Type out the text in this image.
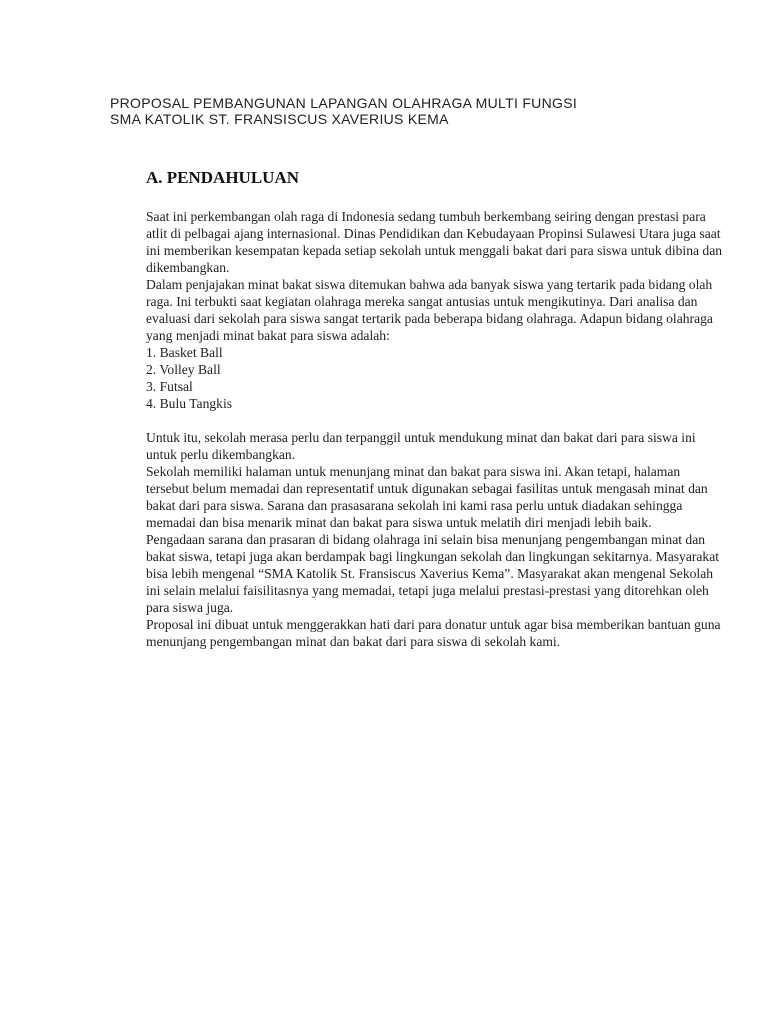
PROPOSAL PEMBANGUNAN LAPANGAN OLAHRAGA MULTI FUNGSI
SMA KATOLIK ST. FRANSISCUS XAVERIUS KEMA
A. PENDAHULUAN

Saat ini perkembangan olah raga di Indonesia sedang tumbuh berkembang seiring dengan prestasi para atlit di pelbagai ajang internasional. Dinas Pendidikan dan Kebudayaan Propinsi Sulawesi Utara juga saat ini memberikan kesempatan kepada setiap sekolah untuk menggali bakat dari para siswa untuk dibina dan dikembangkan.

Dalam penjajakan minat bakat siswa ditemukan bahwa ada banyak siswa yang tertarik pada bidang olah raga. Ini terbukti saat kegiatan olahraga mereka sangat antusias untuk mengikutinya. Dari analisa dan evaluasi dari sekolah para siswa sangat tertarik pada beberapa bidang olahraga. Adapun bidang olahraga yang menjadi minat bakat para siswa adalah:

1. Basket Ball
2. Volley Ball
3. Futsal
4. Bulu Tangkis

Untuk itu, sekolah merasa perlu dan terpanggil untuk mendukung minat dan bakat dari para siswa ini untuk perlu dikembangkan.

Sekolah memiliki halaman untuk menunjang minat dan bakat para siswa ini. Akan tetapi, halaman tersebut belum memadai dan representatif untuk digunakan sebagai fasilitas untuk mengasah minat dan bakat dari para siswa. Sarana dan prasasarana sekolah ini kami rasa perlu untuk diadakan sehingga memadai dan bisa menarik minat dan bakat para siswa untuk melatih diri menjadi lebih baik.

Pengadaan sarana dan prasaran di bidang olahraga ini selain bisa menunjang pengembangan minat dan bakat siswa, tetapi juga akan berdampak bagi lingkungan sekolah dan lingkungan sekitarnya. Masyarakat bisa lebih mengenal “SMA Katolik St. Fransiscus Xaverius Kema”. Masyarakat akan mengenal Sekolah ini selain melalui faisilitasnya yang memadai, tetapi juga melalui prestasi-prestasi yang ditorehkan oleh para siswa juga.

Proposal ini dibuat untuk menggerakkan hati dari para donatur untuk agar bisa memberikan bantuan guna menunjang pengembangan minat dan bakat dari para siswa di sekolah kami.
